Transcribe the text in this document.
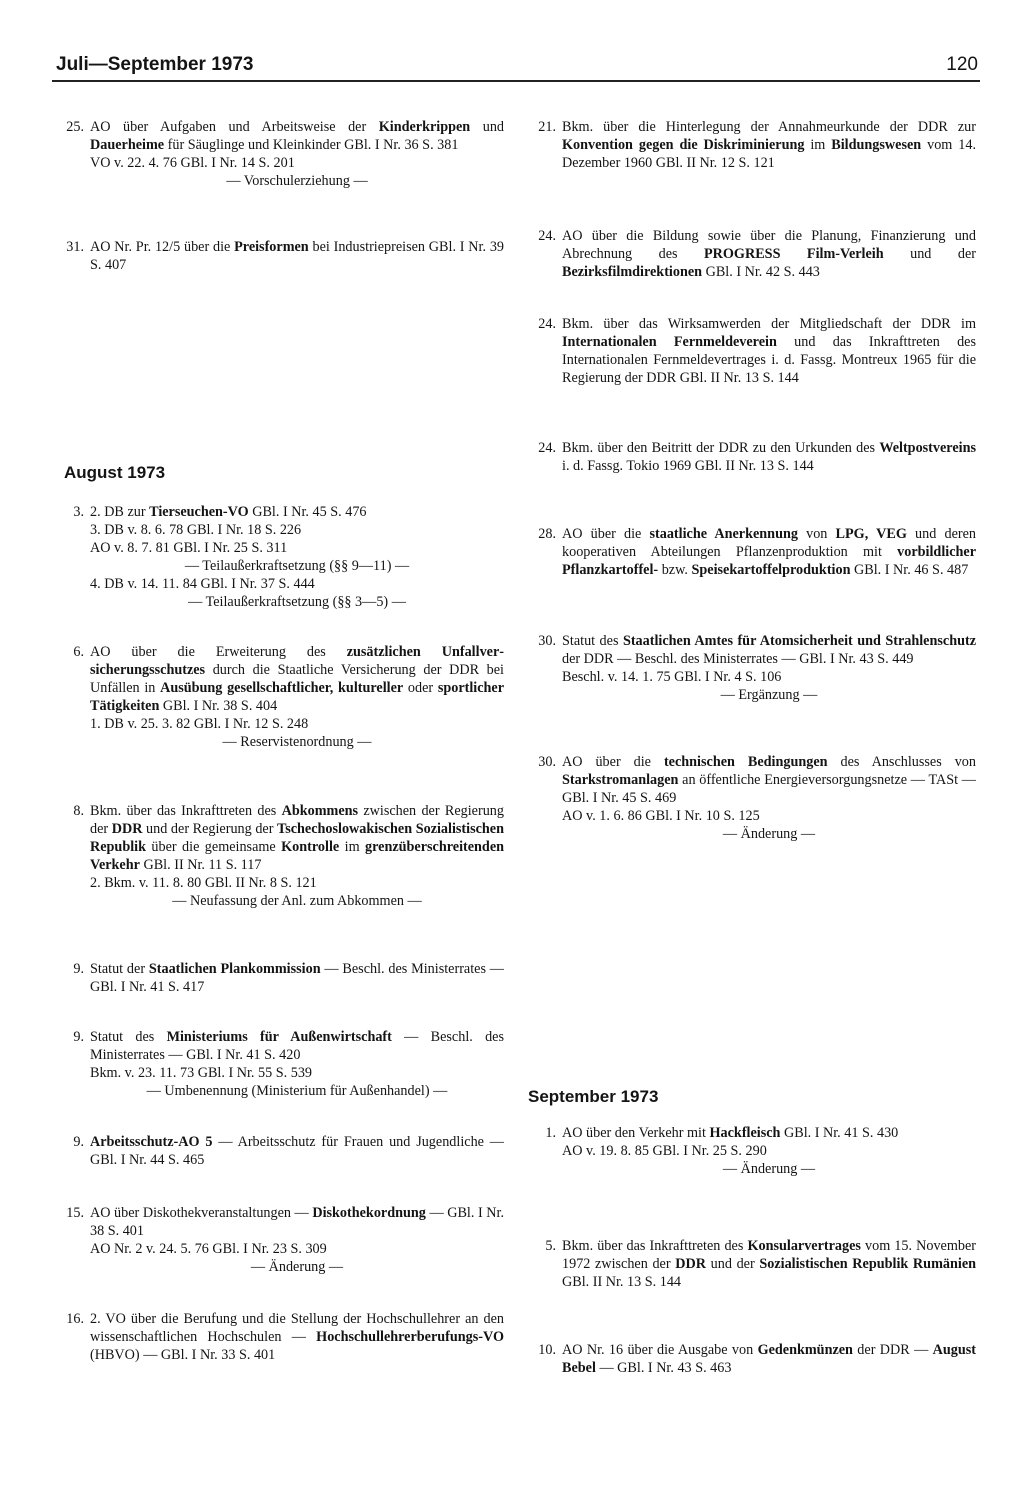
Juli—September 1973	120
25. AO über Aufgaben und Arbeitsweise der Kinderkrippen und Dauerheime für Säuglinge und Kleinkinder GBl. I Nr. 36 S. 381
VO v. 22. 4. 76 GBl. I Nr. 14 S. 201
— Vorschulerziehung —
31. AO Nr. Pr. 12/5 über die Preisformen bei Industriepreisen GBl. I Nr. 39 S. 407
August 1973
3. 2. DB zur Tierseuchen-VO GBl. I Nr. 45 S. 476
3. DB v. 8. 6. 78 GBl. I Nr. 18 S. 226
AO v. 8. 7. 81 GBl. I Nr. 25 S. 311
— Teilaußerkraftsetzung (§§ 9—11) —
4. DB v. 14. 11. 84 GBl. I Nr. 37 S. 444
— Teilaußerkraftsetzung (§§ 3—5) —
6. AO über die Erweiterung des zusätzlichen Unfallversicherungsschutzes durch die Staatliche Versicherung der DDR bei Unfällen in Ausübung gesellschaftlicher, kultureller oder sportlicher Tätigkeiten GBl. I Nr. 38 S. 404
1. DB v. 25. 3. 82 GBl. I Nr. 12 S. 248
— Reservistenordnung —
8. Bkm. über das Inkrafttreten des Abkommens zwischen der Regierung der DDR und der Regierung der Tschechoslowakischen Sozialistischen Republik über die gemeinsame Kontrolle im grenzüberschreitenden Verkehr GBl. II Nr. 11 S. 117
2. Bkm. v. 11. 8. 80 GBl. II Nr. 8 S. 121
— Neufassung der Anl. zum Abkommen —
9. Statut der Staatlichen Plankommission — Beschl. des Ministerrates — GBl. I Nr. 41 S. 417
9. Statut des Ministeriums für Außenwirtschaft — Beschl. des Ministerrates — GBl. I Nr. 41 S. 420
Bkm. v. 23. 11. 73 GBl. I Nr. 55 S. 539
— Umbenennung (Ministerium für Außenhandel) —
9. Arbeitsschutz-AO 5 — Arbeitsschutz für Frauen und Jugendliche — GBl. I Nr. 44 S. 465
15. AO über Diskothekveranstaltungen — Diskothekordnung — GBl. I Nr. 38 S. 401
AO Nr. 2 v. 24. 5. 76 GBl. I Nr. 23 S. 309
— Änderung —
16. 2. VO über die Berufung und die Stellung der Hochschullehrer an den wissenschaftlichen Hochschulen — Hochschullehrerberufungs-VO (HBVO) — GBl. I Nr. 33 S. 401
21. Bkm. über die Hinterlegung der Annahmeurkunde der DDR zur Konvention gegen die Diskriminierung im Bildungswesen vom 14. Dezember 1960 GBl. II Nr. 12 S. 121
24. AO über die Bildung sowie über die Planung, Finanzierung und Abrechnung des PROGRESS Film-Verleih und der Bezirksfilmdirektionen GBl. I Nr. 42 S. 443
24. Bkm. über das Wirksamwerden der Mitgliedschaft der DDR im Internationalen Fernmeldeverein und das Inkrafttreten des Internationalen Fernmeldevertrages i. d. Fassg. Montreux 1965 für die Regierung der DDR GBl. II Nr. 13 S. 144
24. Bkm. über den Beitritt der DDR zu den Urkunden des Weltpostvereins i. d. Fassg. Tokio 1969 GBl. II Nr. 13 S. 144
28. AO über die staatliche Anerkennung von LPG, VEG und deren kooperativen Abteilungen Pflanzenproduktion mit vorbildlicher Pflanzkartoffel- bzw. Speisekartoffelproduktion GBl. I Nr. 46 S. 487
30. Statut des Staatlichen Amtes für Atomsicherheit und Strahlenschutz der DDR — Beschl. des Ministerrates — GBl. I Nr. 43 S. 449
Beschl. v. 14. 1. 75 GBl. I Nr. 4 S. 106
— Ergänzung —
30. AO über die technischen Bedingungen des Anschlusses von Starkstromanlagen an öffentliche Energieversorgungsnetze — TASt — GBl. I Nr. 45 S. 469
AO v. 1. 6. 86 GBl. I Nr. 10 S. 125
— Änderung —
September 1973
1. AO über den Verkehr mit Hackfleisch GBl. I Nr. 41 S. 430
AO v. 19. 8. 85 GBl. I Nr. 25 S. 290
— Änderung —
5. Bkm. über das Inkrafttreten des Konsularvertrages vom 15. November 1972 zwischen der DDR und der Sozialistischen Republik Rumänien GBl. II Nr. 13 S. 144
10. AO Nr. 16 über die Ausgabe von Gedenkmünzen der DDR — August Bebel — GBl. I Nr. 43 S. 463
